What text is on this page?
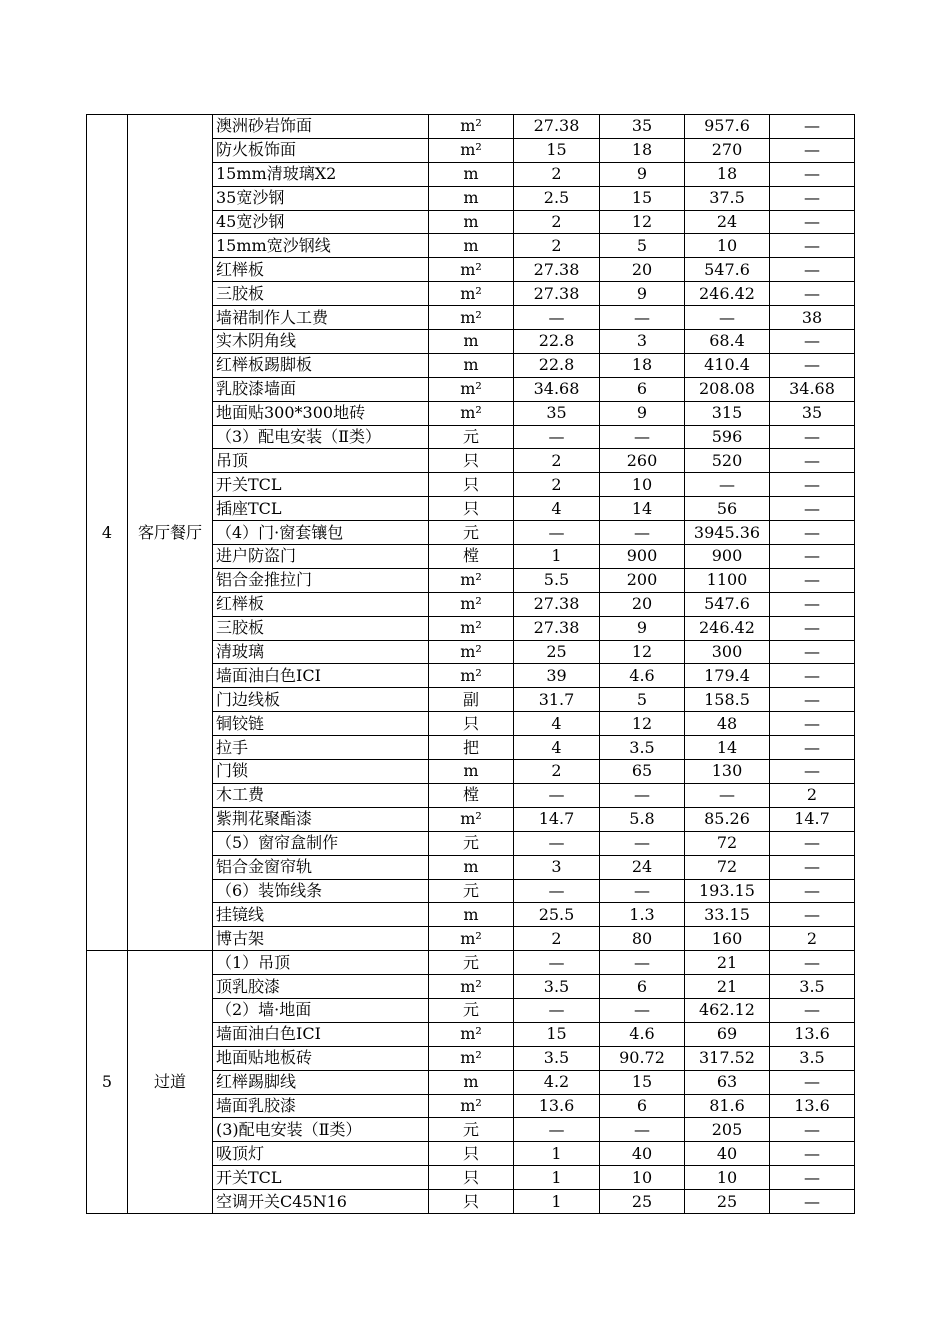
4	客厅餐厅	澳洲砂岩饰面	m²	27.38	35	957.6	—
		防火板饰面	m²	15	18	270	—
		15mm清玻璃X2	m	2	9	18	—
		35宽沙钢	m	2.5	15	37.5	—
		45宽沙钢	m	2	12	24	—
		15mm宽沙钢线	m	2	5	10	—
		红榉板	m²	27.38	20	547.6	—
		三胶板	m²	27.38	9	246.42	—
		墙裙制作人工费	m²	—	—	—	38
		实木阴角线	m	22.8	3	68.4	—
		红榉板踢脚板	m	22.8	18	410.4	—
		乳胶漆墙面	m²	34.68	6	208.08	34.68
		地面贴300*300地砖	m²	35	9	315	35
		（3）配电安装（Ⅱ类）	元	—	—	596	—
		吊顶	只	2	260	520	—
		开关TCL	只	2	10	—	—
		插座TCL	只	4	14	56	—
		（4）门·窗套镶包	元	—	—	3945.36	—
		进户防盗门	樘	1	900	900	—
		铝合金推拉门	m²	5.5	200	1100	—
		红榉板	m²	27.38	20	547.6	—
		三胶板	m²	27.38	9	246.42	—
		清玻璃	m²	25	12	300	—
		墙面油白色ICI	m²	39	4.6	179.4	—
		门边线板	副	31.7	5	158.5	—
		铜铰链	只	4	12	48	—
		拉手	把	4	3.5	14	—
		门锁	m	2	65	130	—
		木工费	樘	—	—	—	2
		紫荆花聚酯漆	m²	14.7	5.8	85.26	14.7
		（5）窗帘盒制作	元	—	—	72	—
		铝合金窗帘轨	m	3	24	72	—
		（6）装饰线条	元	—	—	193.15	—
		挂镜线	m	25.5	1.3	33.15	—
		博古架	m²	2	80	160	2
5	过道	（1）吊顶	元	—	—	21	—
		顶乳胶漆	m²	3.5	6	21	3.5
		（2）墙·地面	元	—	—	462.12	—
		墙面油白色ICI	m²	15	4.6	69	13.6
		地面贴地板砖	m²	3.5	90.72	317.52	3.5
		红榉踢脚线	m	4.2	15	63	—
		墙面乳胶漆	m²	13.6	6	81.6	13.6
		(3)配电安装（Ⅱ类）	元	—	—	205	—
		吸顶灯	只	1	40	40	—
		开关TCL	只	1	10	10	—
		空调开关C45N16	只	1	25	25	—
